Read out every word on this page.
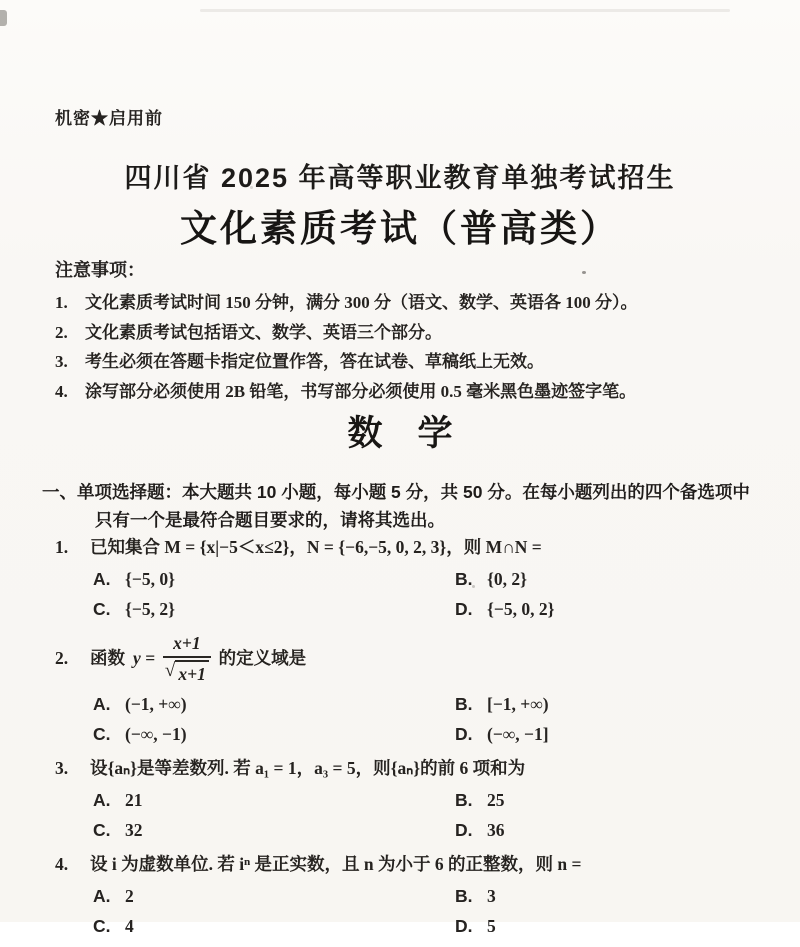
机密★启用前
四川省 2025 年高等职业教育单独考试招生
文化素质考试（普高类）
注意事项：
1.	文化素质考试时间 150 分钟，满分 300 分（语文、数学、英语各 100 分）。
2.	文化素质考试包括语文、数学、英语三个部分。
3.	考生必须在答题卡指定位置作答，答在试卷、草稿纸上无效。
4.	涂写部分必须使用 2B 铅笔，书写部分必须使用 0.5 毫米黑色墨迹签字笔。
数　学
一、单项选择题：本大题共 10 小题，每小题 5 分，共 50 分。在每小题列出的四个备选项中
只有一个是最符合题目要求的，请将其选出。
1.	已知集合 M = {x|−5＜x≤2}，N = {−6,−5, 0, 2, 3}，则 M∩N =
A. {−5, 0}	B. {0, 2}
C. {−5, 2}	D. {−5, 0, 2}
2.	函数 $y = \frac{x+1}{√ x+1}$ 的定义域是
A. (−1, +∞)	B. [−1, +∞)
C. (−∞, −1)	D. (−∞, −1]
3.	设{aₙ}是等差数列. 若 a₁ = 1，a₃ = 5，则{aₙ}的前 6 项和为
A. 21	B. 25
C. 32	D. 36
4.	设 i 为虚数单位. 若 iⁿ 是正实数，且 n 为小于 6 的正整数，则 n =
A. 2	B. 3
C. 4	D. 5
